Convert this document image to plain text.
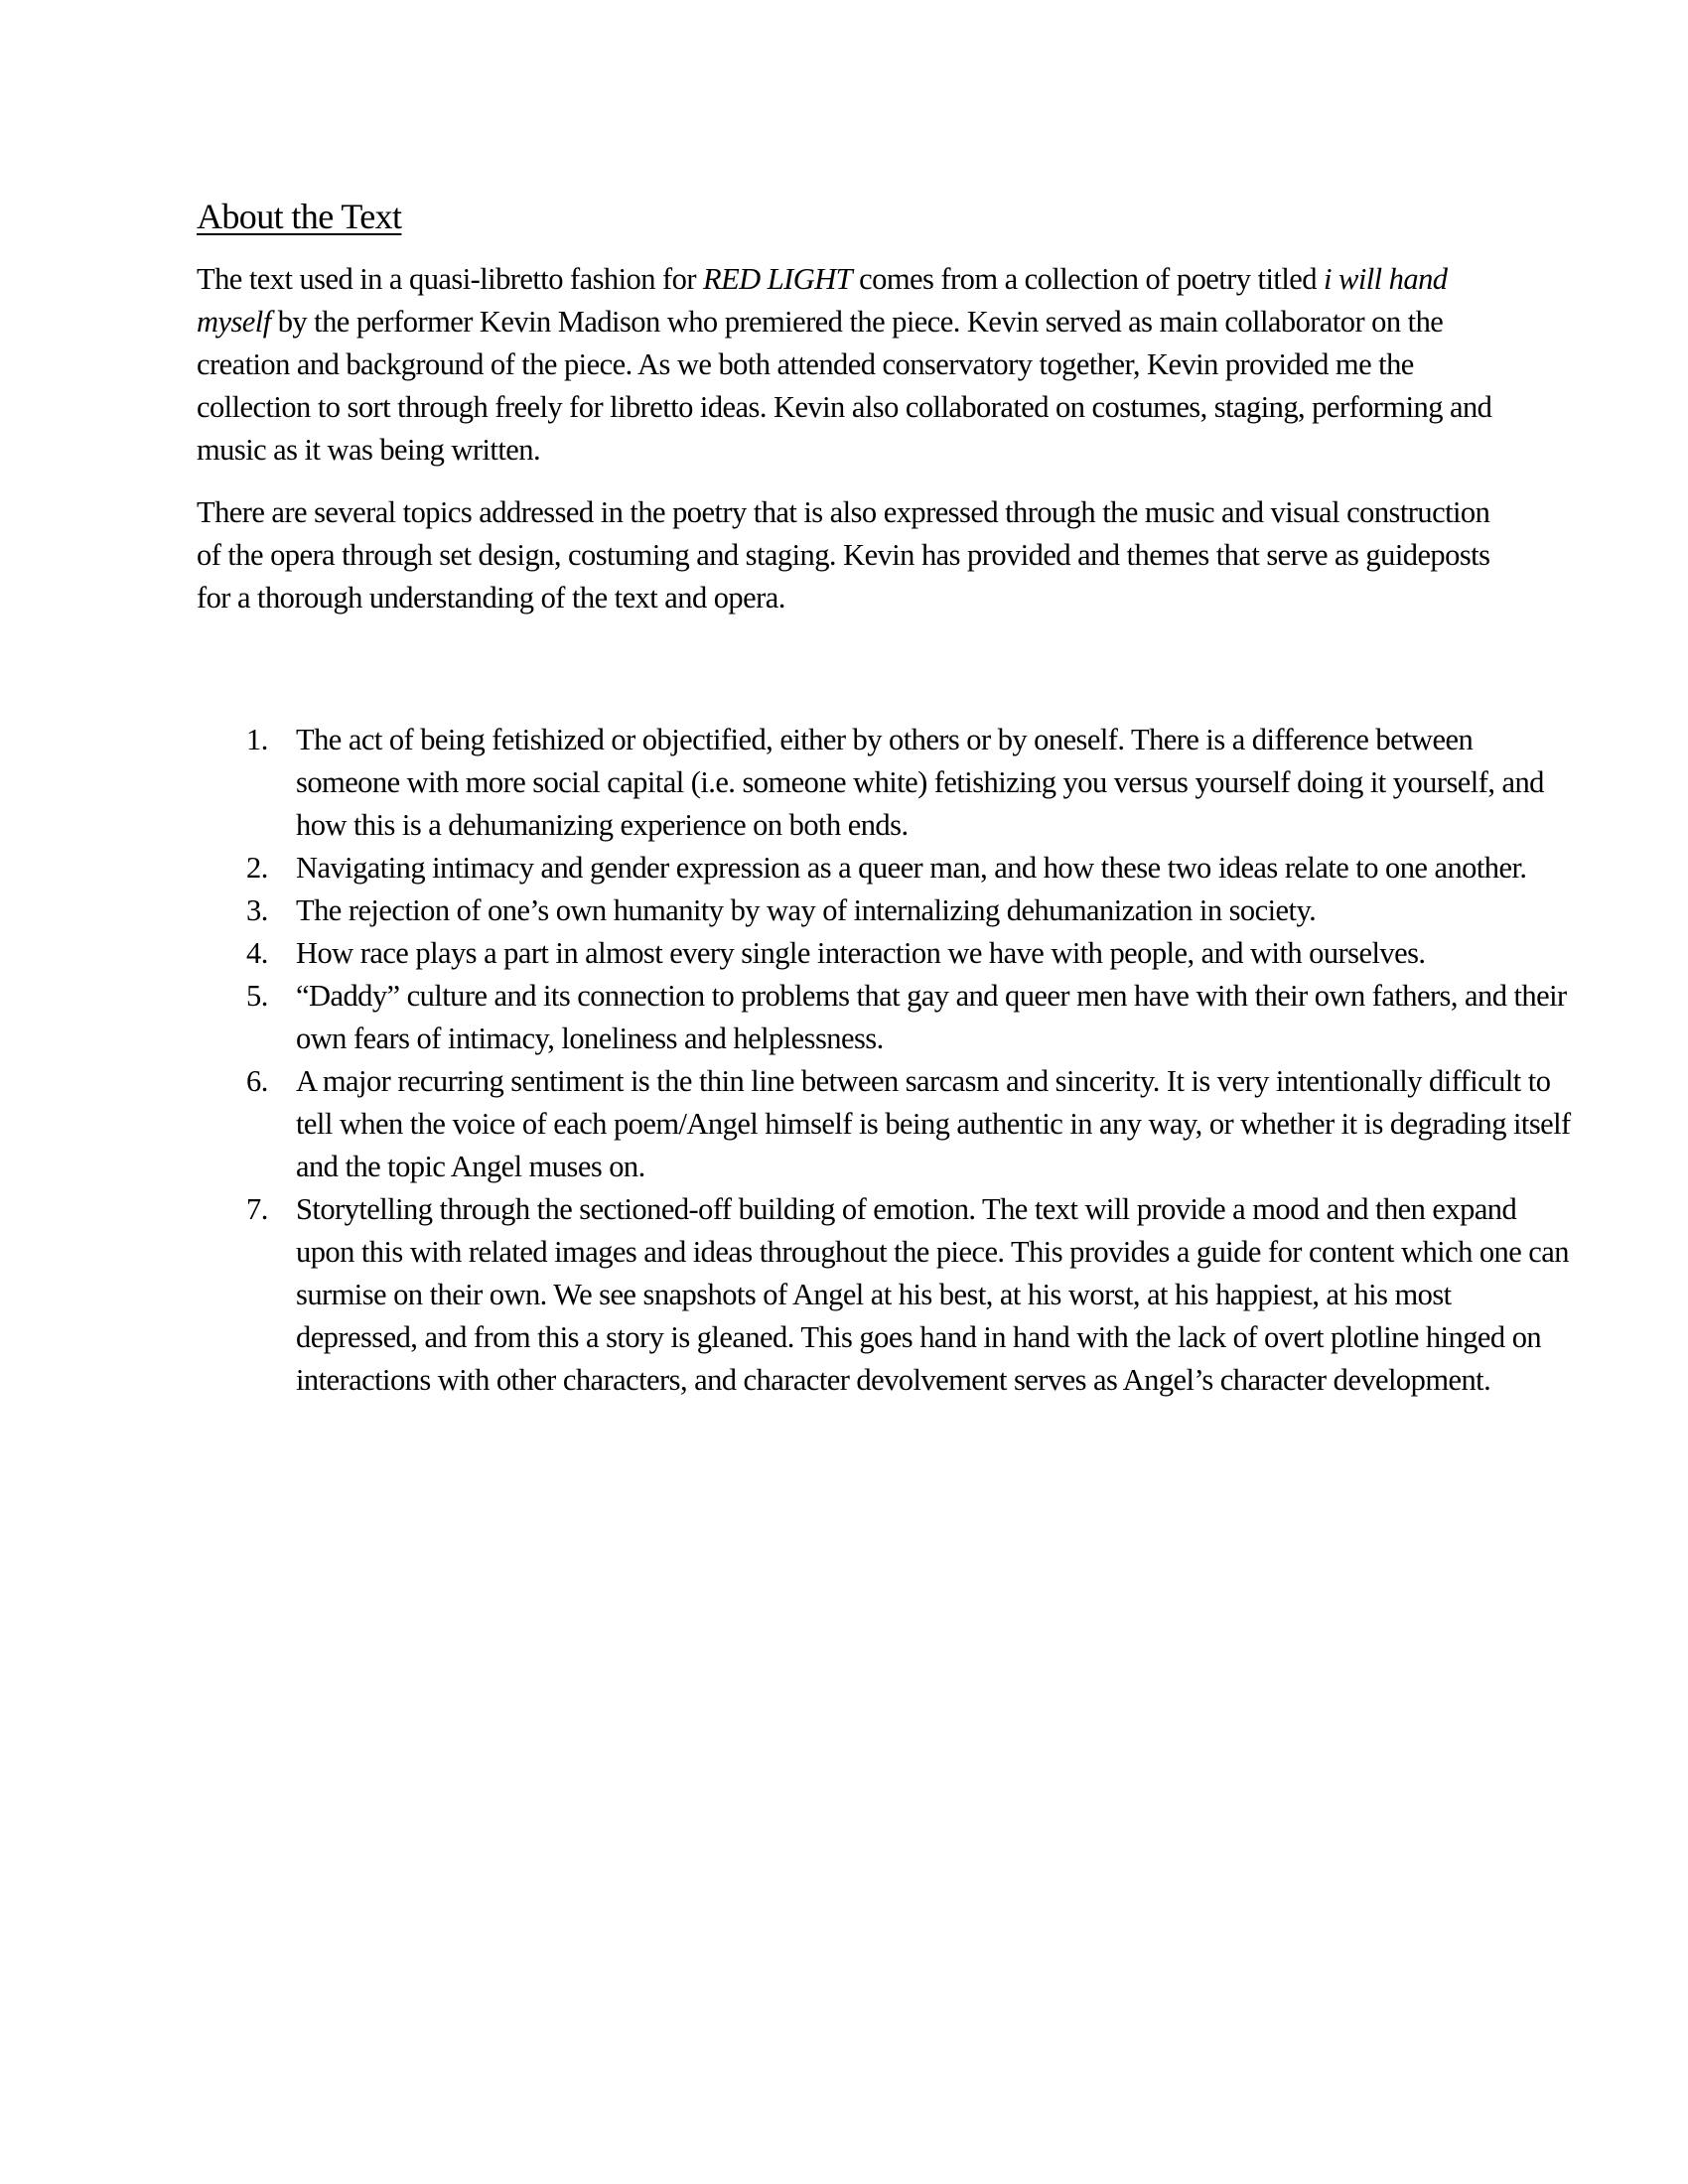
About the Text

The text used in a quasi-libretto fashion for RED LIGHT comes from a collection of poetry titled i will hand myself by the performer Kevin Madison who premiered the piece. Kevin served as main collaborator on the creation and background of the piece. As we both attended conservatory together, Kevin provided me the collection to sort through freely for libretto ideas. Kevin also collaborated on costumes, staging, performing and music as it was being written.

There are several topics addressed in the poetry that is also expressed through the music and visual construction of the opera through set design, costuming and staging. Kevin has provided and themes that serve as guideposts for a thorough understanding of the text and opera.

1. The act of being fetishized or objectified, either by others or by oneself. There is a difference between someone with more social capital (i.e. someone white) fetishizing you versus yourself doing it yourself, and how this is a dehumanizing experience on both ends.
2. Navigating intimacy and gender expression as a queer man, and how these two ideas relate to one another.
3. The rejection of one’s own humanity by way of internalizing dehumanization in society.
4. How race plays a part in almost every single interaction we have with people, and with ourselves.
5. “Daddy” culture and its connection to problems that gay and queer men have with their own fathers, and their own fears of intimacy, loneliness and helplessness.
6. A major recurring sentiment is the thin line between sarcasm and sincerity. It is very intentionally difficult to tell when the voice of each poem/Angel himself is being authentic in any way, or whether it is degrading itself and the topic Angel muses on.
7. Storytelling through the sectioned-off building of emotion. The text will provide a mood and then expand upon this with related images and ideas throughout the piece. This provides a guide for content which one can surmise on their own. We see snapshots of Angel at his best, at his worst, at his happiest, at his most depressed, and from this a story is gleaned. This goes hand in hand with the lack of overt plotline hinged on interactions with other characters, and character devolvement serves as Angel’s character development.
